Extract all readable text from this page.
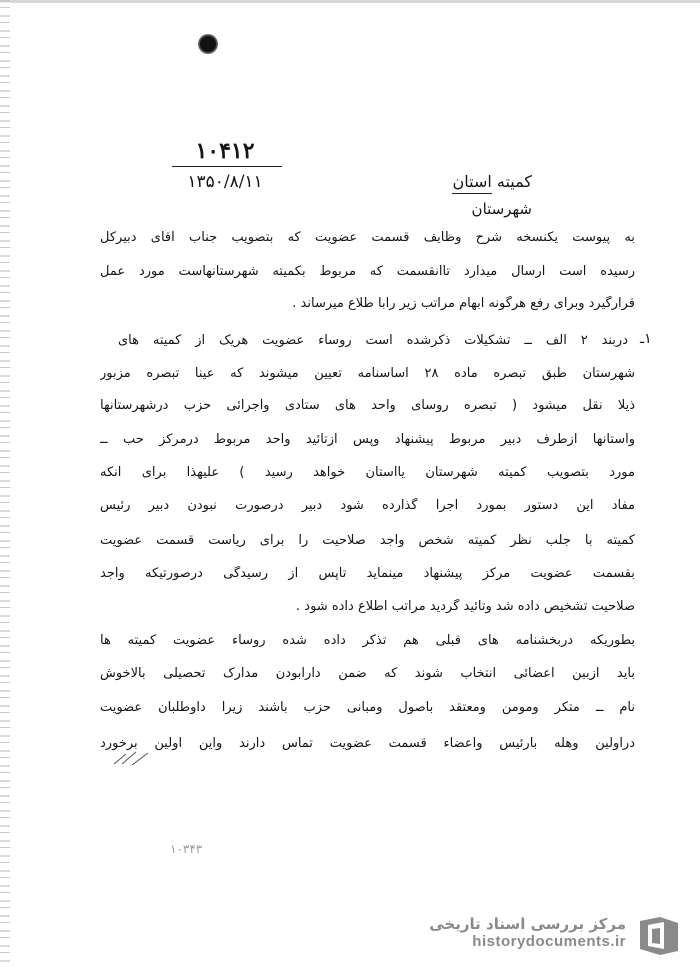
۱۰۴۱۲
۱۳۵۰/۸/۱۱	کمیته استان
شهرستان
۱ـ
به پیوست یکنسخه شرح وظایف قسمت عضویت که بتصویب جناب آقای دبیرکل
رسیده است ارسال میدارد تاآنقسمت که مربوط بکمیته شهرستانهاست مورد عمل
قرارگیرد وبرای رفع هرگونه ابهام مراتب زیر رابا طلاع میرساند .
دربند ۲ الف ــ تشکیلات ذکرشده است روساء عضویت هریک از کمیته های
شهرستان طبق تبصره ماده ۲۸ اساسنامه تعیین میشوند که عینا تبصره مزبور
ذیلا نقل میشود ( تبصره روسای واحد های ستادی واجرائی حزب درشهرستانها
واستانها ازطرف دبیر مربوط پیشنهاد وپس ازتائید واحد مربوط درمرکز حب ــ
مورد بتصویب کمیته شهرستان یااستان خواهد رسید ) علیهذا برای آنکه
مفاد این دستور بمورد اجرا گذارده شود دبیر درصورت نبودن دبیر رئیس
کمیته با جلب نظر کمیته شخص واجد صلاحیت را برای ریاست قسمت عضویت
بقسمت عضویت مرکز پیشنهاد مینماید تاپس از رسیدگی درصورتیکه واجد
صلاحیت تشخیص داده شد وتائید گردید مراتب اطلاع داده شود .
بطوریکه دربخشنامه های قبلی هم تذکر داده شده روساء عضویت کمیته ها
باید ازبین اعضائی انتخاب شوند که ضمن دارابودن مدارک تحصیلی بالاخوش
نام ــ متکر ومومن ومعتقد باصول ومبانی حزب باشند زیرا داوطلبان عضویت
دراولین وهله بارئیس واعضاء قسمت عضویت تماس دارند واین اولین برخورد
۱۰۳۴۳
مرکز بررسی اسناد تاریخی
historydocuments.ir
